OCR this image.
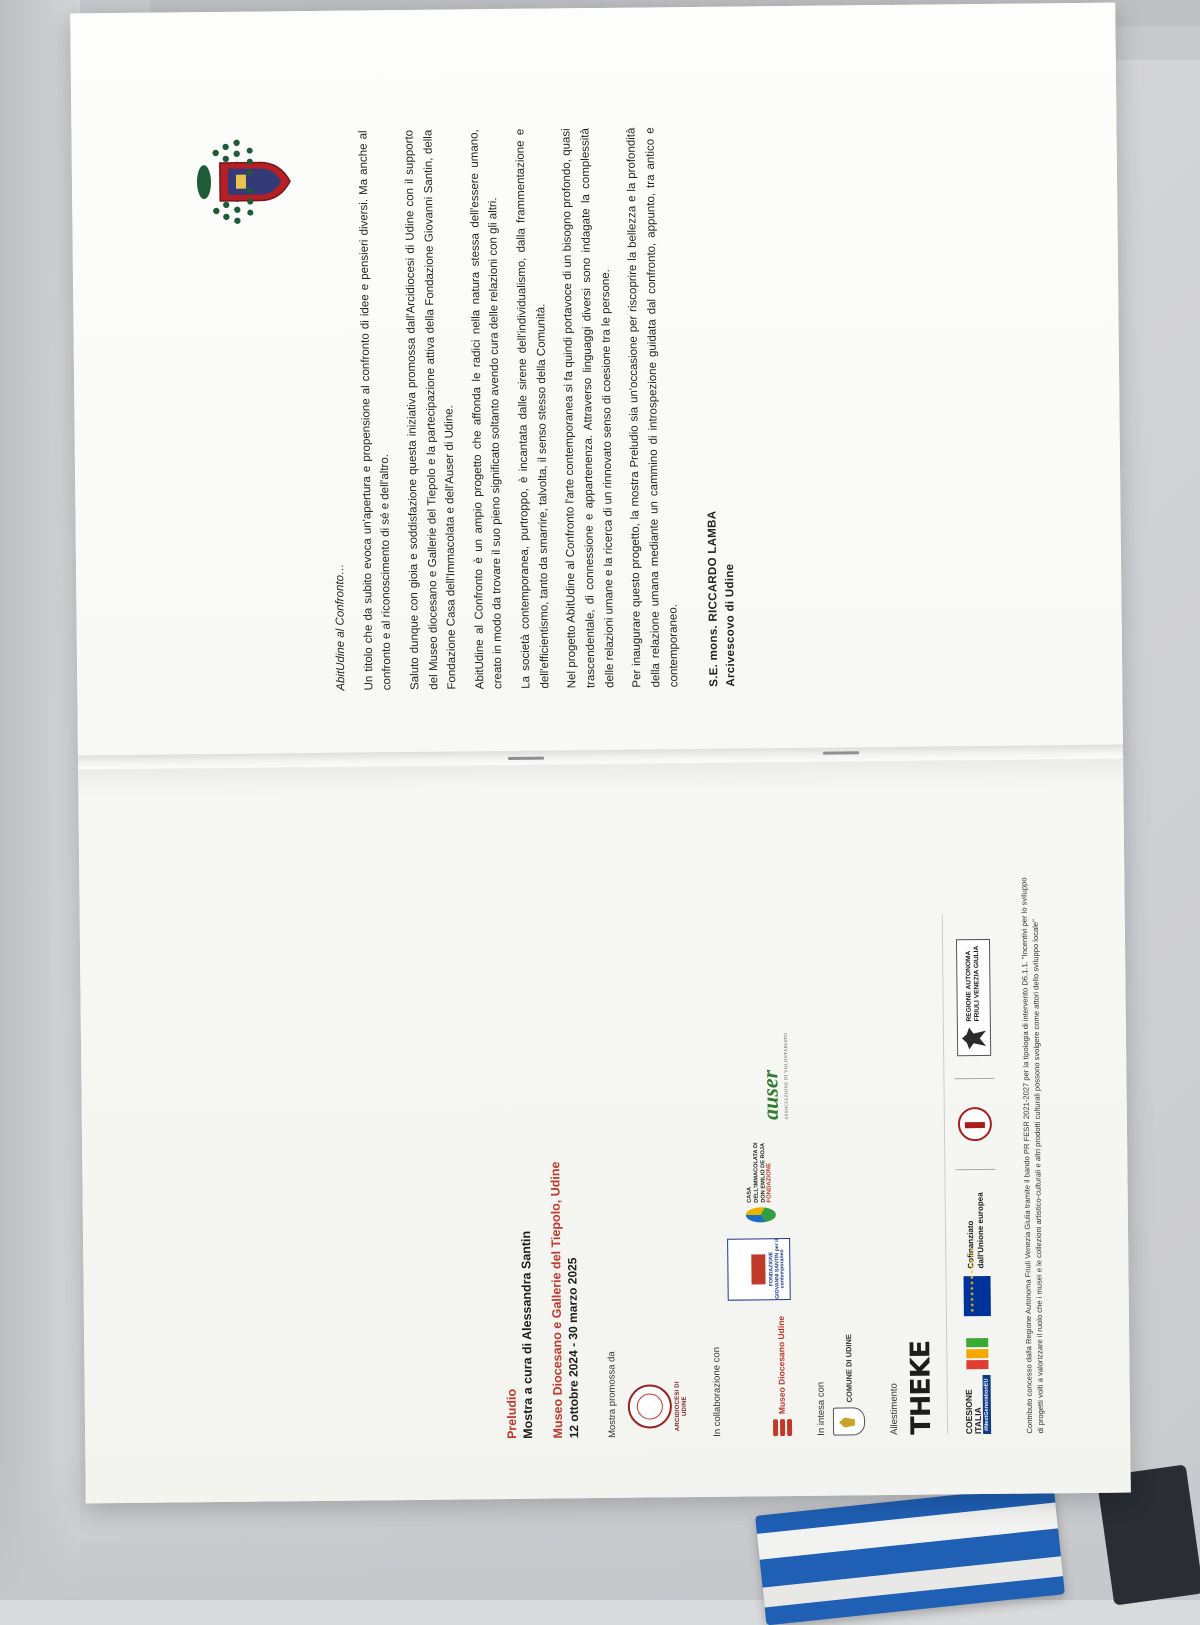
AbitUdine al Confronto… Un titolo che da subito evoca un'apertura e propensione al confronto di idee e pensieri diversi. Ma anche al confronto e al riconoscimento di sé e dell'altro. Saluto dunque con gioia e soddisfazione questa iniziativa promossa dall'Arcidiocesi di Udine con il supporto del Museo diocesano e Gallerie del Tiepolo e la partecipazione attiva della Fondazione Giovanni Santin, della Fondazione Casa dell'Immacolata e dell'Auser di Udine. AbitUdine al Confronto è un ampio progetto che affonda le radici nella natura stessa dell'essere umano, creato in modo da trovare il suo pieno significato soltanto avendo cura delle relazioni con gli altri. La società contemporanea, purtroppo, è incantata dalle sirene dell'individualismo, dalla frammentazione e dell'efficientismo, tanto da smarrire, talvolta, il senso stesso della Comunità. Nel progetto AbitUdine al Confronto l'arte contemporanea si fa quindi portavoce di un bisogno profondo, quasi trascendentale, di connessione e appartenenza. Attraverso linguaggi diversi sono indagate la complessità delle relazioni umane e la ricerca di un rinnovato senso di coesione tra le persone. Per inaugurare questo progetto, la mostra Preludio sia un'occasione per riscoprire la bellezza e la profondità della relazione umana mediante un cammino di introspezione guidata dal confronto, appunto, tra antico e contemporaneo.	S.E. mons. RICCARDO LAMBA Arcivescovo di Udine
Preludio Mostra a cura di Alessandra Santin	Museo Diocesano e Gallerie del Tiepolo, Udine 12 ottobre 2024 - 30 marzo 2025	Mostra promossa da	ARCIDIOCESI DI UDINE	In collaborazione con	Museo Diocesano Udine
FONDAZIONE GIOVANNI SANTIN per il contemporaneo
CASA DELL'IMMACOLATA DI DON EMILIO DE ROJA FONDAZIONE
auser ASSOCIAZIONE DI VOLONTARIATO
In intesa con
COMUNE DI UDINE
Allestimento THEKE	COESIONE ITALIA #NextGenerationEU
★★★★★★★★★★★★
Cofinanziato dall'Unione europea
REGIONE AUTONOMA FRIULI VENEZIA GIULIA	Contributo concesso dalla Regione Autonoma Friuli Venezia Giulia tramite il bando PR FESR 2021-2027 per la tipologia di intervento D6.1.1. "Incentivi per lo sviluppo di progetti volti a valorizzare il ruolo che i musei e le collezioni artistico-culturali e altri prodotti culturali possono svolgere come attori dello sviluppo locale"
